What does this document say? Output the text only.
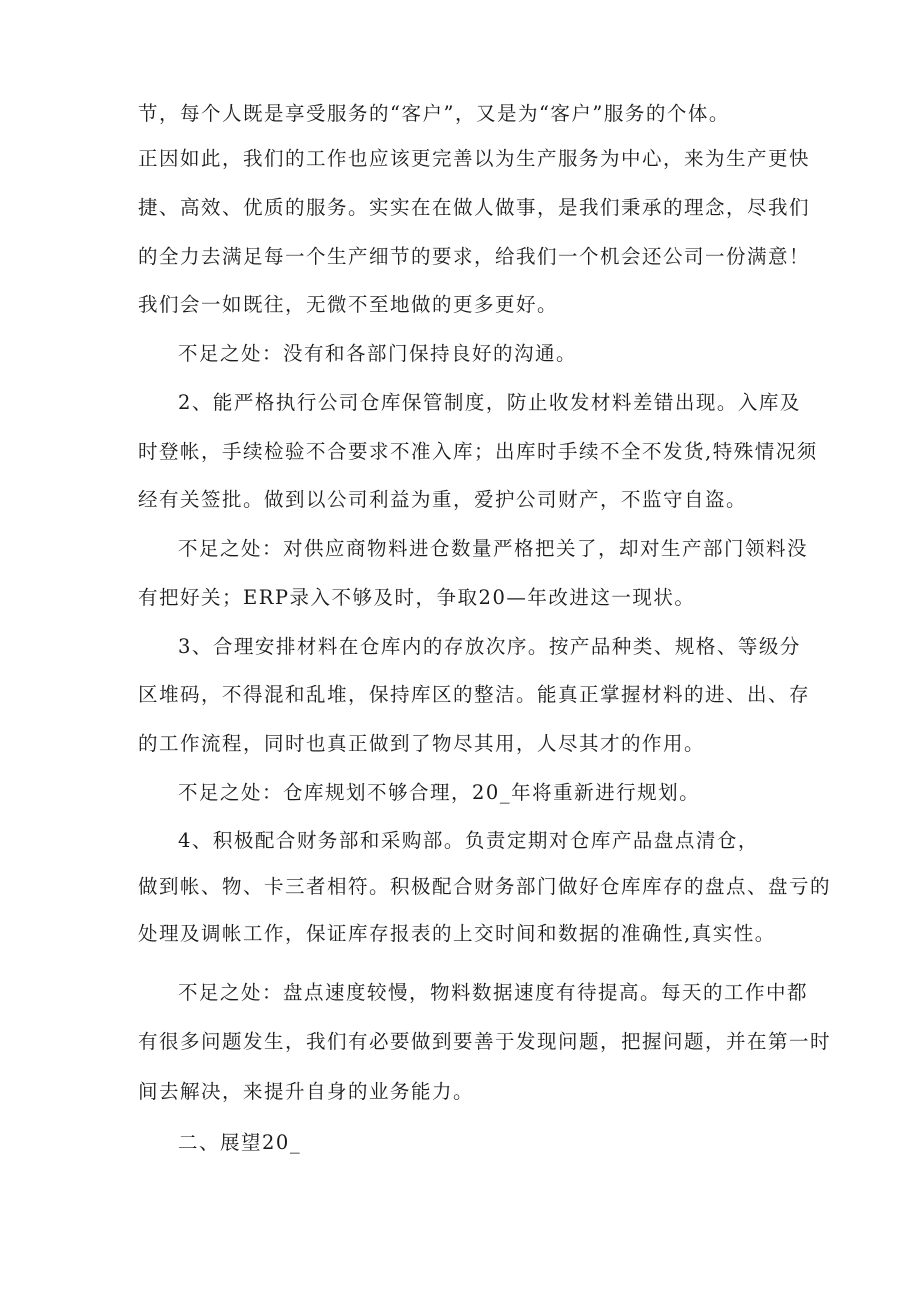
节，每个人既是享受服务的“客户”，又是为“客户”服务的个体。

正因如此，我们的工作也应该更完善以为生产服务为中心，来为生产更快

捷、高效、优质的服务。实实在在做人做事，是我们秉承的理念，尽我们

的全力去满足每一个生产细节的要求，给我们一个机会还公司一份满意！

我们会一如既往，无微不至地做的更多更好。

不足之处：没有和各部门保持良好的沟通。

2、能严格执行公司仓库保管制度，防止收发材料差错出现。入库及

时登帐，手续检验不合要求不准入库；出库时手续不全不发货,特殊情况须

经有关签批。做到以公司利益为重，爱护公司财产，不监守自盗。

不足之处：对供应商物料进仓数量严格把关了，却对生产部门领料没

有把好关；ERP录入不够及时，争取20—年改进这一现状。

3、合理安排材料在仓库内的存放次序。按产品种类、规格、等级分

区堆码，不得混和乱堆，保持库区的整洁。能真正掌握材料的进、出、存

的工作流程，同时也真正做到了物尽其用，人尽其才的作用。

不足之处：仓库规划不够合理，20_年将重新进行规划。

4、积极配合财务部和采购部。负责定期对仓库产品盘点清仓，

做到帐、物、卡三者相符。积极配合财务部门做好仓库库存的盘点、盘亏的

处理及调帐工作，保证库存报表的上交时间和数据的准确性,真实性。

不足之处：盘点速度较慢，物料数据速度有待提高。每天的工作中都

有很多问题发生，我们有必要做到要善于发现问题，把握问题，并在第一时

间去解决，来提升自身的业务能力。

二、展望20_
